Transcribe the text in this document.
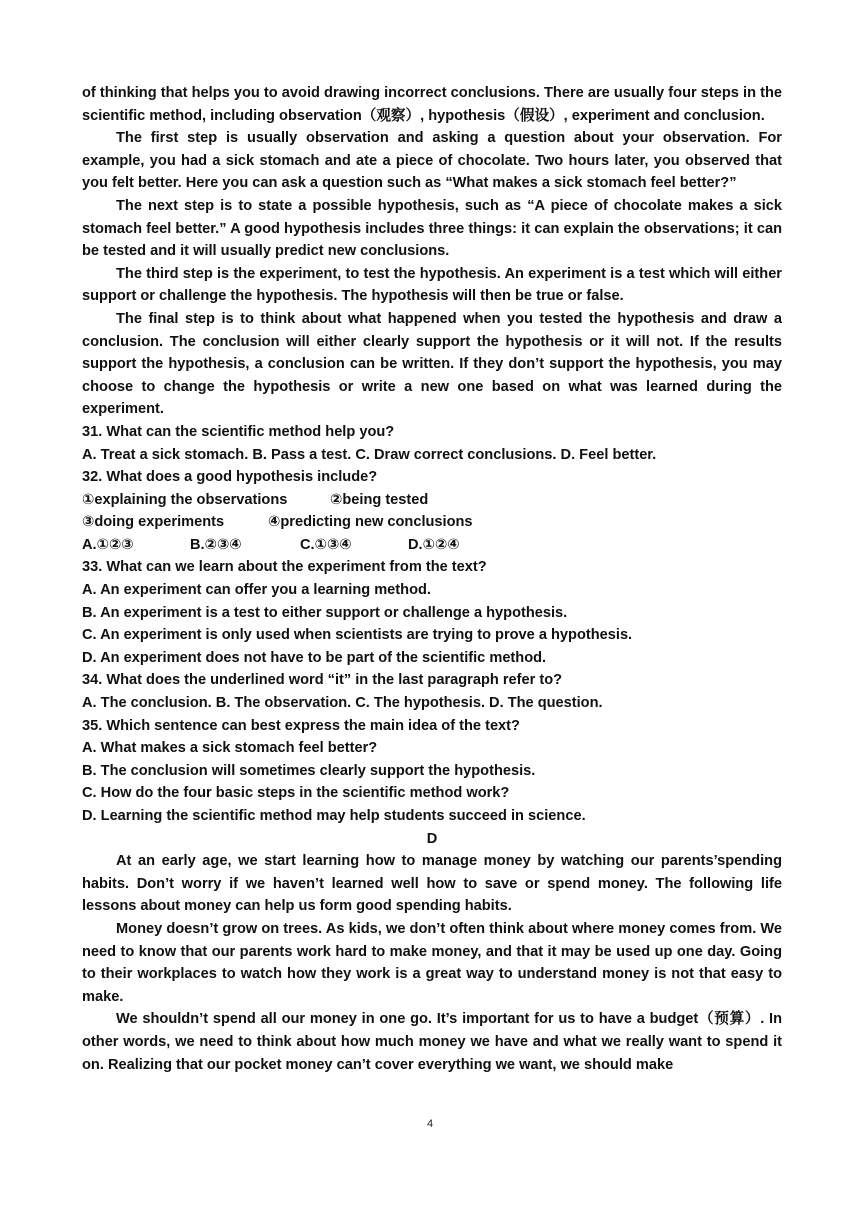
of thinking that helps you to avoid drawing incorrect conclusions. There are usually four steps in the scientific method, including observation（观察）, hypothesis（假设）, experiment and conclusion.

The first step is usually observation and asking a question about your observation. For example, you had a sick stomach and ate a piece of chocolate. Two hours later, you observed that you felt better. Here you can ask a question such as “What makes a sick stomach feel better?”

The next step is to state a possible hypothesis, such as “A piece of chocolate makes a sick stomach feel better.” A good hypothesis includes three things: it can explain the observations; it can be tested and it will usually predict new conclusions.

The third step is the experiment, to test the hypothesis. An experiment is a test which will either support or challenge the hypothesis. The hypothesis will then be true or false.

The final step is to think about what happened when you tested the hypothesis and draw a conclusion. The conclusion will either clearly support the hypothesis or it will not. If the results support the hypothesis, a conclusion can be written. If they don’t support the hypothesis, you may choose to change the hypothesis or write a new one based on what was learned during the experiment.

31. What can the scientific method help you?

A. Treat a sick stomach. B. Pass a test. C. Draw correct conclusions. D. Feel better.

32. What does a good hypothesis include?

①explaining the observations	②being tested

③doing experiments	④predicting new conclusions

A.①②③	B.②③④	C.①③④	D.①②④

33. What can we learn about the experiment from the text?

A. An experiment can offer you a learning method.

B. An experiment is a test to either support or challenge a hypothesis.

C. An experiment is only used when scientists are trying to prove a hypothesis.

D. An experiment does not have to be part of the scientific method.

34. What does the underlined word “it” in the last paragraph refer to?

A. The conclusion. B. The observation. C. The hypothesis. D. The question.

35. Which sentence can best express the main idea of the text?

A. What makes a sick stomach feel better?

B. The conclusion will sometimes clearly support the hypothesis.

C. How do the four basic steps in the scientific method work?

D. Learning the scientific method may help students succeed in science.

D

At an early age, we start learning how to manage money by watching our parents’spending habits. Don’t worry if we haven’t learned well how to save or spend money. The following life lessons about money can help us form good spending habits.

Money doesn’t grow on trees. As kids, we don’t often think about where money comes from. We need to know that our parents work hard to make money, and that it may be used up one day. Going to their workplaces to watch how they work is a great way to understand money is not that easy to make.

We shouldn’t spend all our money in one go. It’s important for us to have a budget（预算）. In other words, we need to think about how much money we have and what we really want to spend it on. Realizing that our pocket money can’t cover everything we want, we should make

4
